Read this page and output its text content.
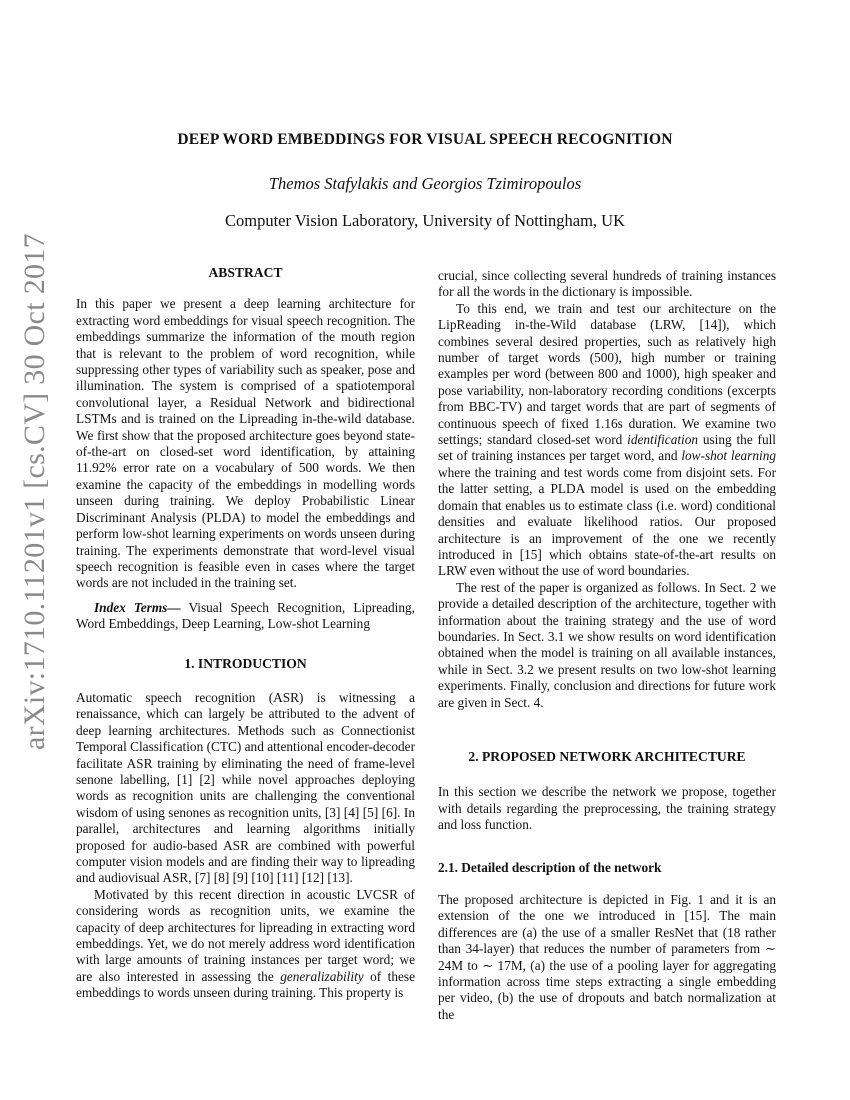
arXiv:1710.11201v1 [cs.CV] 30 Oct 2017
DEEP WORD EMBEDDINGS FOR VISUAL SPEECH RECOGNITION
Themos Stafylakis and Georgios Tzimiropoulos
Computer Vision Laboratory, University of Nottingham, UK
ABSTRACT

In this paper we present a deep learning architecture for extracting word embeddings for visual speech recognition. The embeddings summarize the information of the mouth region that is relevant to the problem of word recognition, while suppressing other types of variability such as speaker, pose and illumination. The system is comprised of a spatiotemporal convolutional layer, a Residual Network and bidirectional LSTMs and is trained on the Lipreading in-the-wild database. We first show that the proposed architecture goes beyond state-of-the-art on closed-set word identification, by attaining 11.92% error rate on a vocabulary of 500 words. We then examine the capacity of the embeddings in modelling words unseen during training. We deploy Probabilistic Linear Discriminant Analysis (PLDA) to model the embeddings and perform low-shot learning experiments on words unseen during training. The experiments demonstrate that word-level visual speech recognition is feasible even in cases where the target words are not included in the training set.

Index Terms— Visual Speech Recognition, Lipreading, Word Embeddings, Deep Learning, Low-shot Learning

1. INTRODUCTION

Automatic speech recognition (ASR) is witnessing a renaissance, which can largely be attributed to the advent of deep learning architectures. Methods such as Connectionist Temporal Classification (CTC) and attentional encoder-decoder facilitate ASR training by eliminating the need of frame-level senone labelling, [1] [2] while novel approaches deploying words as recognition units are challenging the conventional wisdom of using senones as recognition units, [3] [4] [5] [6]. In parallel, architectures and learning algorithms initially proposed for audio-based ASR are combined with powerful computer vision models and are finding their way to lipreading and audiovisual ASR, [7] [8] [9] [10] [11] [12] [13].

Motivated by this recent direction in acoustic LVCSR of considering words as recognition units, we examine the capacity of deep architectures for lipreading in extracting word embeddings. Yet, we do not merely address word identification with large amounts of training instances per target word; we are also interested in assessing the generalizability of these embeddings to words unseen during training. This property is

crucial, since collecting several hundreds of training instances for all the words in the dictionary is impossible.

To this end, we train and test our architecture on the LipReading in-the-Wild database (LRW, [14]), which combines several desired properties, such as relatively high number of target words (500), high number or training examples per word (between 800 and 1000), high speaker and pose variability, non-laboratory recording conditions (excerpts from BBC-TV) and target words that are part of segments of continuous speech of fixed 1.16s duration. We examine two settings; standard closed-set word identification using the full set of training instances per target word, and low-shot learning where the training and test words come from disjoint sets. For the latter setting, a PLDA model is used on the embedding domain that enables us to estimate class (i.e. word) conditional densities and evaluate likelihood ratios. Our proposed architecture is an improvement of the one we recently introduced in [15] which obtains state-of-the-art results on LRW even without the use of word boundaries.

The rest of the paper is organized as follows. In Sect. 2 we provide a detailed description of the architecture, together with information about the training strategy and the use of word boundaries. In Sect. 3.1 we show results on word identification obtained when the model is training on all available instances, while in Sect. 3.2 we present results on two low-shot learning experiments. Finally, conclusion and directions for future work are given in Sect. 4.

2. PROPOSED NETWORK ARCHITECTURE

In this section we describe the network we propose, together with details regarding the preprocessing, the training strategy and loss function.

2.1. Detailed description of the network

The proposed architecture is depicted in Fig. 1 and it is an extension of the one we introduced in [15]. The main differences are (a) the use of a smaller ResNet that (18 rather than 34-layer) that reduces the number of parameters from ∼ 24M to ∼ 17M, (a) the use of a pooling layer for aggregating information across time steps extracting a single embedding per video, (b) the use of dropouts and batch normalization at the
